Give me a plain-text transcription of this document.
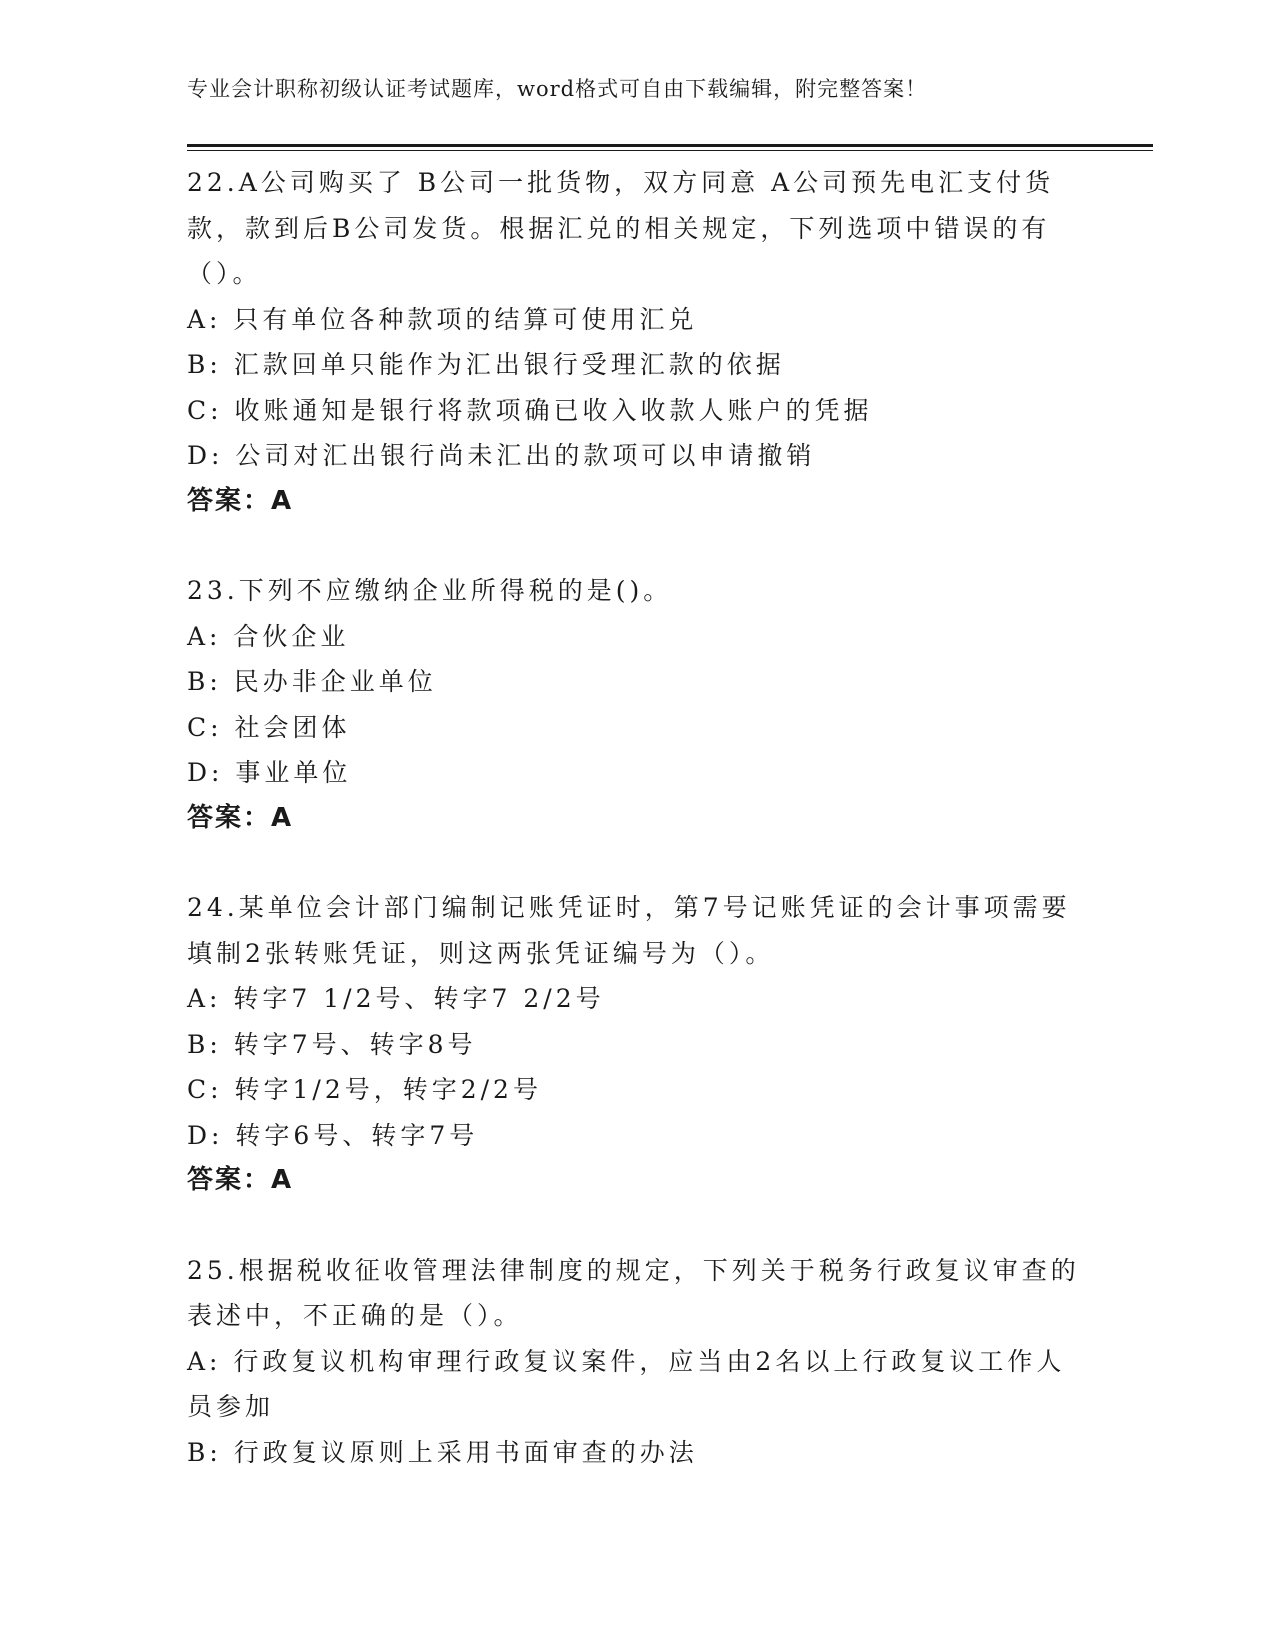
专业会计职称初级认证考试题库，word格式可自由下载编辑，附完整答案！
22.A公司购买了 B公司一批货物，双方同意 A公司预先电汇支付货款，款到后B公司发货。根据汇兑的相关规定，下列选项中错误的有（）。
A: 只有单位各种款项的结算可使用汇兑
B: 汇款回单只能作为汇出银行受理汇款的依据
C: 收账通知是银行将款项确已收入收款人账户的凭据
D: 公司对汇出银行尚未汇出的款项可以申请撤销
答案：A
23.下列不应缴纳企业所得税的是()。
A: 合伙企业
B: 民办非企业单位
C: 社会团体
D: 事业单位
答案：A
24.某单位会计部门编制记账凭证时，第7号记账凭证的会计事项需要填制2张转账凭证，则这两张凭证编号为（）。
A: 转字7 1/2号、转字7 2/2号
B: 转字7号、转字8号
C: 转字1/2号，转字2/2号
D: 转字6号、转字7号
答案：A
25.根据税收征收管理法律制度的规定，下列关于税务行政复议审查的表述中，不正确的是（）。
A: 行政复议机构审理行政复议案件，应当由2名以上行政复议工作人员参加
B: 行政复议原则上采用书面审查的办法
